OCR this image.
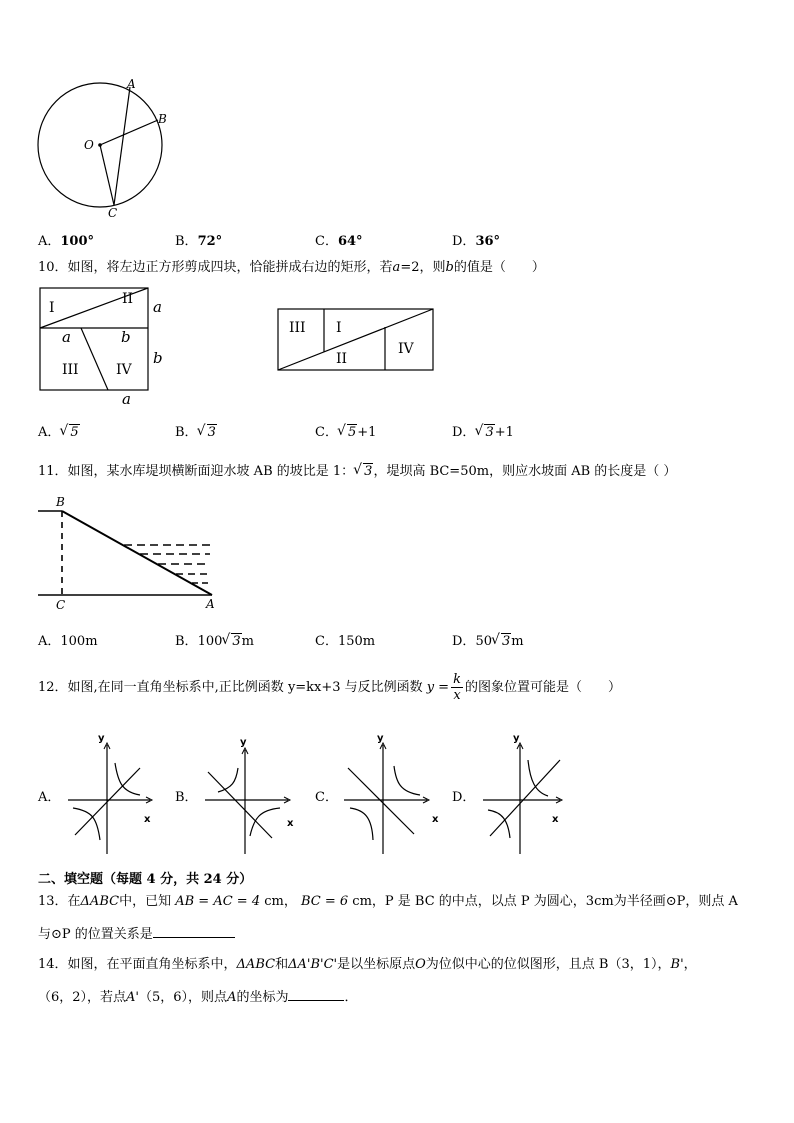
A
B
O
C
A．100°	B．72°	C．64°	D．36°
10．如图，将左边正方形剪成四块，恰能拼成右边的矩形，若a=2，则b的值是（　　）
I
II
a	b
III	IV
a
b
a
III I
II
IV
A． √ 5	B． √ 3	C． √ 5+1	D． √ 3+1
11．如图，某水库堤坝横断面迎水坡 AB 的坡比是 1： √ 3，堤坝高 BC=50m，则应水坡面 AB 的长度是（ ）
B
C	A
A．100m	B．100 √ 3m	C．150m	D．50 √ 3m
12．如图,在同一直角坐标系中,正比例函数 y=kx+3 与反比例函数 $y = \frac{k}{x}$ 的图象位置可能是（　　）
A．
y
x
B．
y
x
C．
y
x
D．
y
x
二、填空题（每题 4 分，共 24 分）
13．在ΔABC中，已知 AB = AC = 4 cm， BC = 6 cm，P 是 BC 的中点，以点 P 为圆心，3cm为半径画⊙P，则点 A
与⊙P 的位置关系是
14．如图，在平面直角坐标系中，ΔABC和ΔA'B'C'是以坐标原点O为位似中心的位似图形，且点 B（3，1），B'，
（6，2），若点A'（5，6），则点A的坐标为	．
